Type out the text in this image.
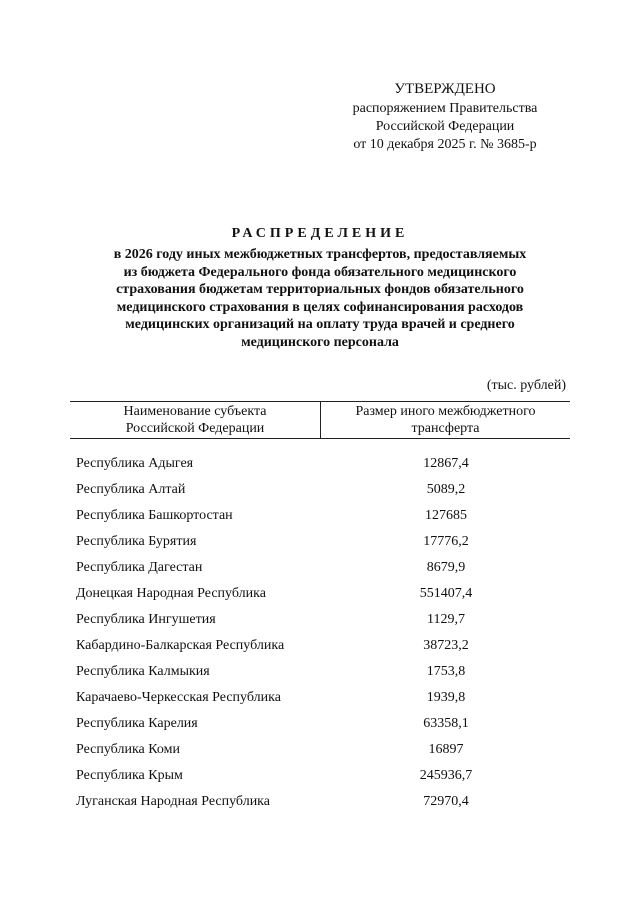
УТВЕРЖДЕНО
распоряжением Правительства
Российской Федерации
от 10 декабря 2025 г. № 3685-р
РАСПРЕДЕЛЕНИЕ
в 2026 году иных межбюджетных трансфертов, предоставляемых
из бюджета Федерального фонда обязательного медицинского
страхования бюджетам территориальных фондов обязательного
медицинского страхования в целях софинансирования расходов
медицинских организаций на оплату труда врачей и среднего
медицинского персонала
(тыс. рублей)
Наименование субъекта
Российской Федерации
Размер иного межбюджетного
трансферта
Республика Адыгея	12867,4
Республика Алтай	5089,2
Республика Башкортостан	127685
Республика Бурятия	17776,2
Республика Дагестан	8679,9
Донецкая Народная Республика	551407,4
Республика Ингушетия	1129,7
Кабардино-Балкарская Республика	38723,2
Республика Калмыкия	1753,8
Карачаево-Черкесская Республика	1939,8
Республика Карелия	63358,1
Республика Коми	16897
Республика Крым	245936,7
Луганская Народная Республика	72970,4
